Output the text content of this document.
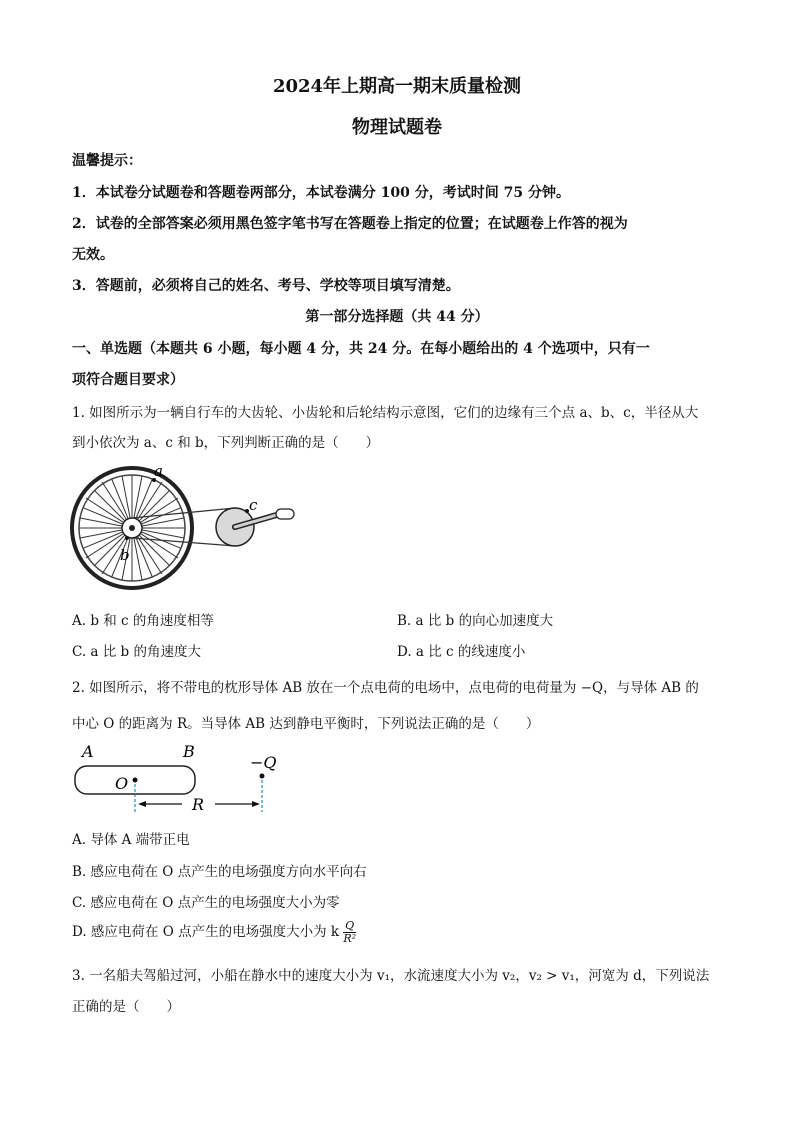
2024年上期高一期末质量检测
物理试题卷
温馨提示：
1．本试卷分试题卷和答题卷两部分，本试卷满分 100 分，考试时间 75 分钟。
2．试卷的全部答案必须用黑色签字笔书写在答题卷上指定的位置；在试题卷上作答的视为
无效。
3．答题前，必须将自己的姓名、考号、学校等项目填写清楚。
第一部分选择题（共 44 分）
一、单选题（本题共 6 小题，每小题 4 分，共 24 分。在每小题给出的 4 个选项中，只有一
项符合题目要求）
1. 如图所示为一辆自行车的大齿轮、小齿轮和后轮结构示意图，它们的边缘有三个点 a、b、c，半径从大
到小依次为 a、c 和 b，下列判断正确的是（　　）
a
c
b
A. b 和 c 的角速度相等	B. a 比 b 的向心加速度大
C. a 比 b 的角速度大	D. a 比 c 的线速度小
2. 如图所示，将不带电的枕形导体 AB 放在一个点电荷的电场中，点电荷的电荷量为 −Q，与导体 AB 的
中心 O 的距离为 R。当导体 AB 达到静电平衡时，下列说法正确的是（　　）
A	B
O
−Q
R
A. 导体 A 端带正电
B. 感应电荷在 O 点产生的电场强度方向水平向右
C. 感应电荷在 O 点产生的电场强度大小为零
D. 感应电荷在 O 点产生的电场强度大小为 k $\frac{Q}{\text{R²}}$
3. 一名船夫驾船过河，小船在静水中的速度大小为 v₁，水流速度大小为 v₂，v₂ > v₁，河宽为 d，下列说法
正确的是（　　）
